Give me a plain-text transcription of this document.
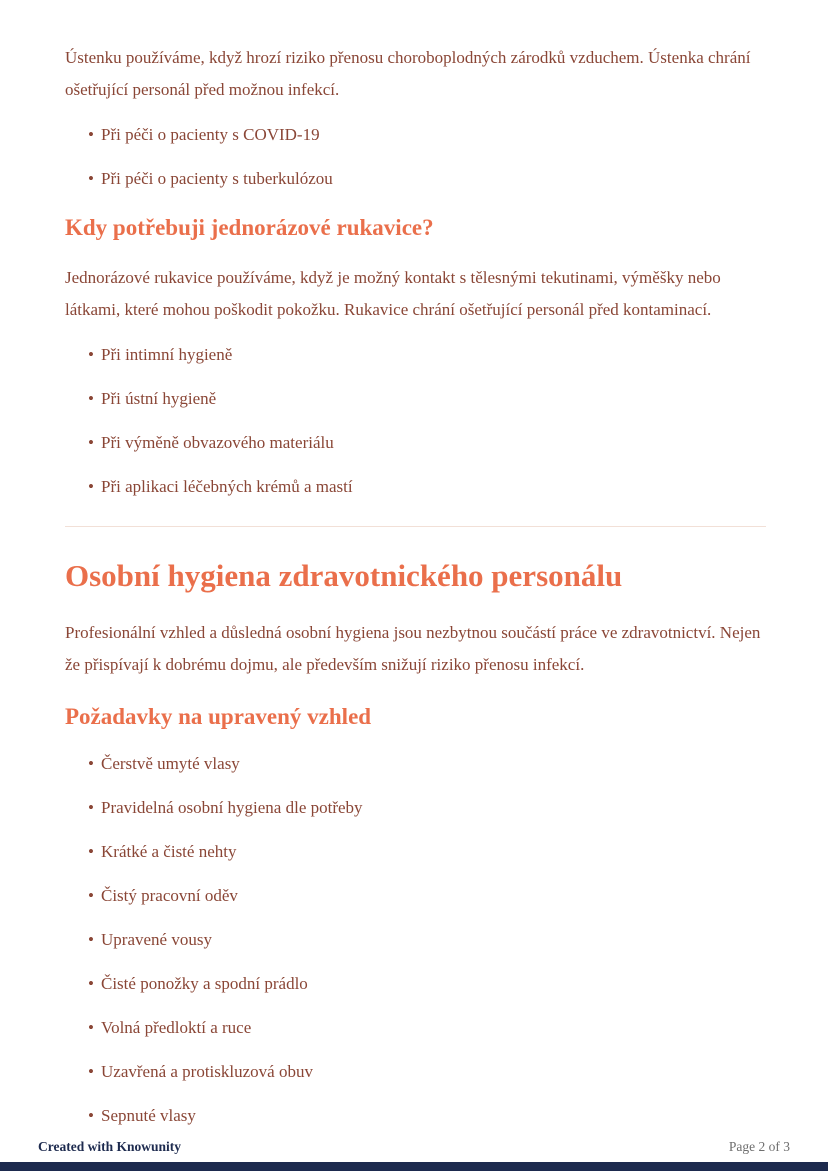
Ústenku používáme, když hrozí riziko přenosu choroboplodných zárodků vzduchem. Ústenka chrání ošetřující personál před možnou infekcí.

• Při péči o pacienty s COVID-19
• Při péči o pacienty s tuberkulózou
Kdy potřebuji jednorázové rukavice?

Jednorázové rukavice používáme, když je možný kontakt s tělesnými tekutinami, výměšky nebo látkami, které mohou poškodit pokožku. Rukavice chrání ošetřující personál před kontaminací.

• Při intimní hygieně
• Při ústní hygieně
• Při výměně obvazového materiálu
• Při aplikaci léčebných krémů a mastí
Osobní hygiena zdravotnického personálu

Profesionální vzhled a důsledná osobní hygiena jsou nezbytnou součástí práce ve zdravotnictví. Nejen že přispívají k dobrému dojmu, ale především snižují riziko přenosu infekcí.

Požadavky na upravený vzhled
• Čerstvě umyté vlasy
• Pravidelná osobní hygiena dle potřeby
• Krátké a čisté nehty
• Čistý pracovní oděv
• Upravené vousy
• Čisté ponožky a spodní prádlo
• Volná předloktí a ruce
• Uzavřená a protiskluzová obuv
• Sepnuté vlasy
Created with Knowunity	Page 2 of 3
